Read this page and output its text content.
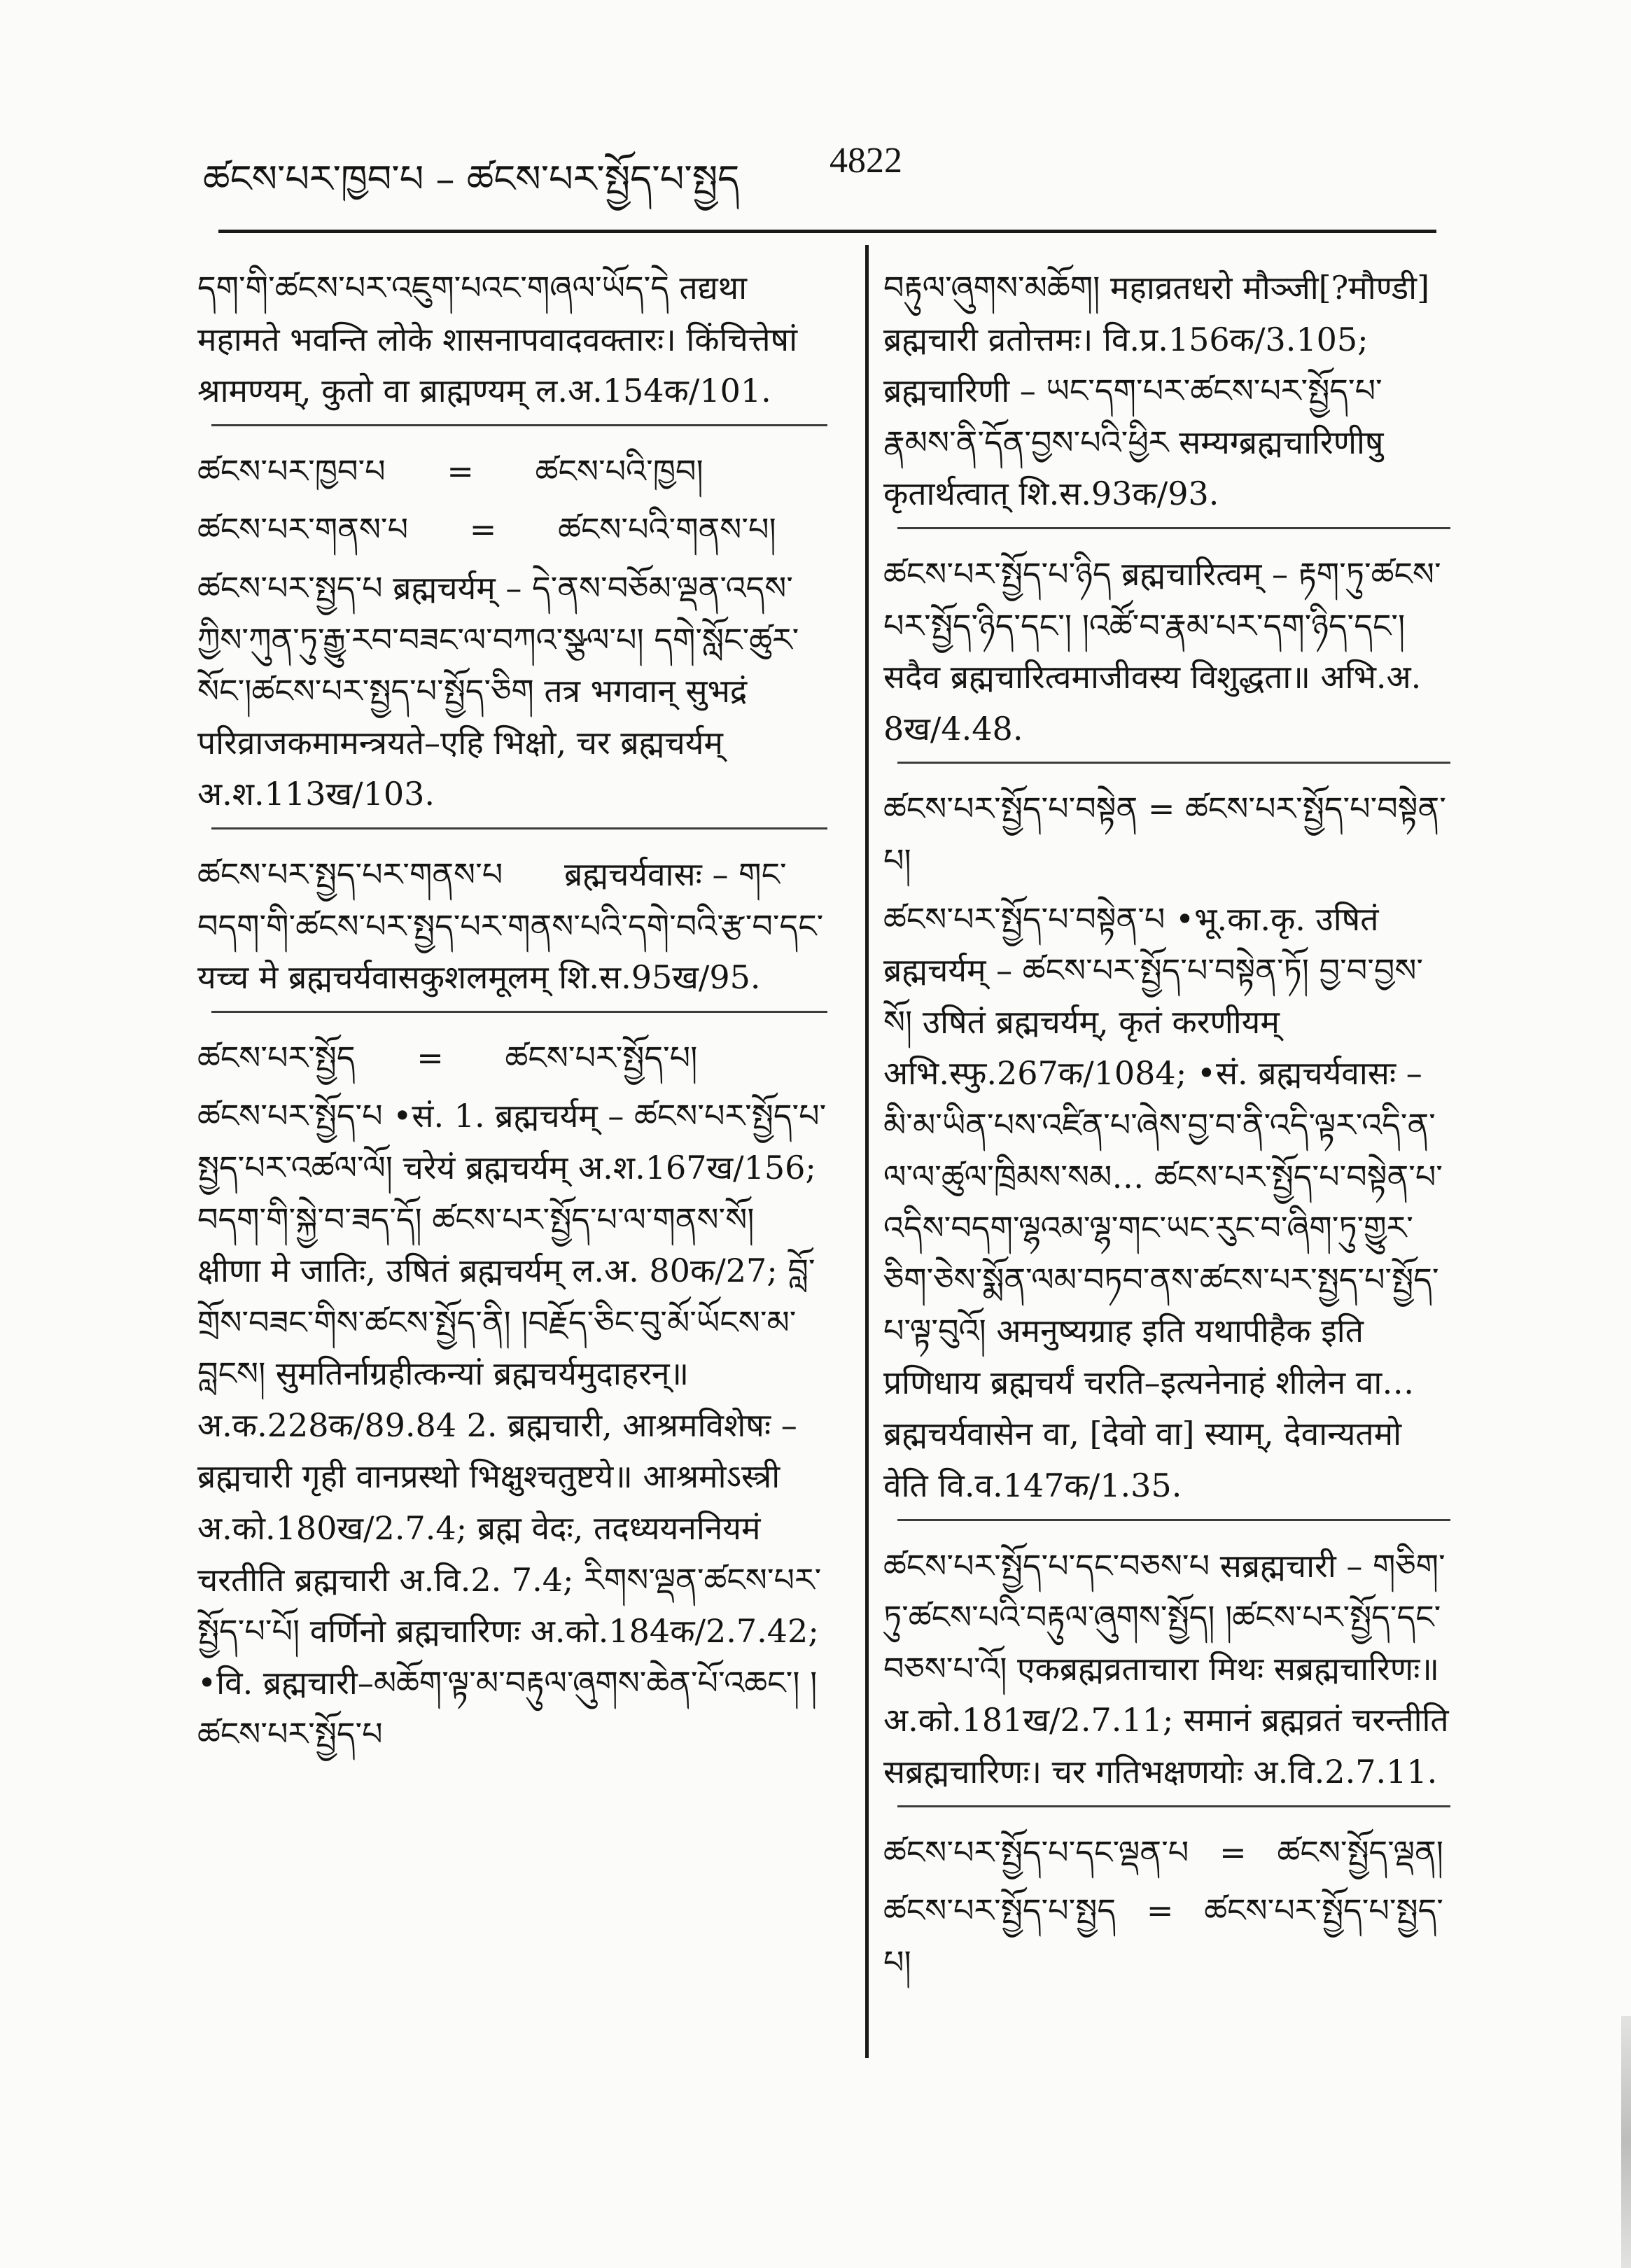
ཚངས་པར་ཁྱབ་པ – ཚངས་པར་སྤྱོད་པ་སྤྱད 4822
དག་གི་ཚངས་པར་འཇུག་པའང་གཞལ་ཡོད་དེ तद्यथा महामते भवन्ति लोके शासनापवादवक्तारः। किंचित्तेषां श्रामण्यम्, कुतो वा ब्राह्मण्यम् ल.अ.154क/101.
ཚངས་པར་ཁྱབ་པ      =      ཚངས་པའི་ཁྱབ།
ཚངས་པར་གནས་པ      =      ཚངས་པའི་གནས་པ།
ཚངས་པར་སྤྱད་པ ब्रह्मचर्यम् – དེ་ནས་བཅོམ་ལྡན་འདས་ཀྱིས་ཀུན་ཏུ་རྒྱུ་རབ་བཟང་ལ་བཀའ་སྩལ་པ། དགེ་སློང་ཚུར་སོང་།ཚངས་པར་སྤྱད་པ་སྤྱོད་ཅིག तत्र भगवान् सुभद्रं परिव्राजकमामन्त्रयते–एहि भिक्षो, चर ब्रह्मचर्यम् अ.श.113ख/103.
ཚངས་པར་སྤྱད་པར་གནས་པ      ब्रह्मचर्यवासः – གང་བདག་གི་ཚངས་པར་སྤྱད་པར་གནས་པའི་དགེ་བའི་རྩ་བ་དང་ यच्च मे ब्रह्मचर्यवासकुशलमूलम् शि.स.95ख/95.
ཚངས་པར་སྤྱོད      =      ཚངས་པར་སྤྱོད་པ།
ཚངས་པར་སྤྱོད་པ •सं. 1. ब्रह्मचर्यम् – ཚངས་པར་སྤྱོད་པ་སྤྱད་པར་འཚལ་ལོ། चरेयं ब्रह्मचर्यम् अ.श.167ख/156; བདག་གི་སྐྱེ་བ་ཟད་དོ། ཚངས་པར་སྤྱོད་པ་ལ་གནས་སོ། क्षीणा मे जातिः, उषितं ब्रह्मचर्यम् ल.अ. 80क/27; བློ་གྲོས་བཟང་གིས་ཚངས་སྤྱོད་ནི། །བརྗོད་ཅིང་བུ་མོ་ཡོངས་མ་བླངས། सुमतिर्नाग्रहीत्कन्यां ब्रह्मचर्यमुदाहरन्॥ अ.क.228क/89.84 2. ब्रह्मचारी, आश्रमविशेषः – ब्रह्मचारी गृही वानप्रस्थो भिक्षुश्चतुष्टये॥ आश्रमोऽस्त्री अ.को.180ख/2.7.4; ब्रह्म वेदः, तदध्ययननियमं चरतीति ब्रह्मचारी अ.वि.2. 7.4; རིགས་ལྡན་ཚངས་པར་སྤྱོད་པ་པོ། वर्णिनो ब्रह्मचारिणः अ.को.184क/2.7.42; •वि. ब्रह्मचारी–མཆོག་ལྟ་མ་བརྟུལ་ཞུགས་ཆེན་པོ་འཆང་། །ཚངས་པར་སྤྱོད་པ
བརྟུལ་ཞུགས་མཆོག། महाव्रतधरो मौञ्जी[?मौण्डी] ब्रह्मचारी व्रतोत्तमः। वि.प्र.156क/3.105; ब्रह्मचारिणी – ཡང་དག་པར་ཚངས་པར་སྤྱོད་པ་རྣམས་ནི་དོན་བྱས་པའི་ཕྱིར सम्यग्ब्रह्मचारिणीषु कृतार्थत्वात् शि.स.93क/93.
ཚངས་པར་སྤྱོད་པ་ཉིད ब्रह्मचारित्वम् – རྟག་ཏུ་ཚངས་པར་སྤྱོད་ཉིད་དང་། །འཚོ་བ་རྣམ་པར་དག་ཉིད་དང་། सदैव ब्रह्मचारित्वमाजीवस्य विशुद्धता॥ अभि.अ. 8ख/4.48.
ཚངས་པར་སྤྱོད་པ་བསྟེན = ཚངས་པར་སྤྱོད་པ་བསྟེན་པ།
ཚངས་པར་སྤྱོད་པ་བསྟེན་པ •भू.का.कृ. उषितं ब्रह्मचर्यम् – ཚངས་པར་སྤྱོད་པ་བསྟེན་ཏོ། བྱ་བ་བྱས་སོ། उषितं ब्रह्मचर्यम्, कृतं करणीयम् अभि.स्फु.267क/1084; •सं. ब्रह्मचर्यवासः – མི་མ་ཡིན་པས་འཛིན་པ་ཞེས་བྱ་བ་ནི་འདི་ལྟར་འདི་ན་ལ་ལ་ཚུལ་ཁྲིམས་སམ… ཚངས་པར་སྤྱོད་པ་བསྟེན་པ་འདིས་བདག་ལྷའམ་ལྷ་གང་ཡང་རུང་བ་ཞིག་ཏུ་གྱུར་ཅིག་ཅེས་སྨོན་ལམ་བཏབ་ནས་ཚངས་པར་སྤྱད་པ་སྤྱོད་པ་ལྟ་བུའོ། अमनुष्यग्राह इति यथापीहैक इति प्रणिधाय ब्रह्मचर्यं चरति–इत्यनेनाहं शीलेन वा…ब्रह्मचर्यवासेन वा, [देवो वा] स्याम्, देवान्यतमो वेति वि.व.147क/1.35.
ཚངས་པར་སྤྱོད་པ་དང་བཅས་པ सब्रह्मचारी – གཅིག་ཏུ་ཚངས་པའི་བརྟུལ་ཞུགས་སྤྱོད། །ཚངས་པར་སྤྱོད་དང་བཅས་པ་འོ། एकब्रह्मव्रताचारा मिथः सब्रह्मचारिणः॥ अ.को.181ख/2.7.11; समानं ब्रह्मव्रतं चरन्तीति सब्रह्मचारिणः। चर गतिभक्षणयोः अ.वि.2.7.11.
ཚངས་པར་སྤྱོད་པ་དང་ལྡན་པ   =   ཚངས་སྤྱོད་ལྡན།
ཚངས་པར་སྤྱོད་པ་སྤྱད   =   ཚངས་པར་སྤྱོད་པ་སྤྱད་པ།
